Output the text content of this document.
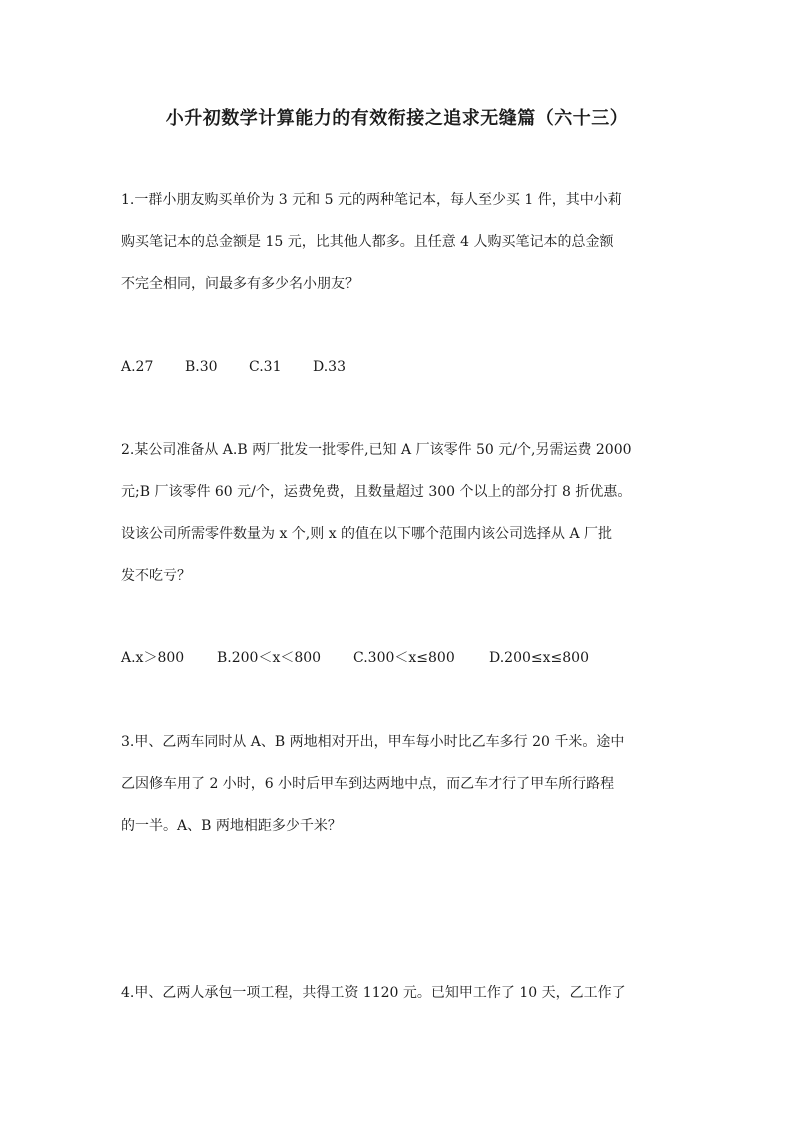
小升初数学计算能力的有效衔接之追求无缝篇（六十三）
1.一群小朋友购买单价为 3 元和 5 元的两种笔记本，每人至少买 1 件，其中小莉
购买笔记本的总金额是 15 元，比其他人都多。且任意 4 人购买笔记本的总金额
不完全相同，问最多有多少名小朋友？
A.27 B.30 C.31 D.33
2.某公司准备从 A.B 两厂批发一批零件,已知 A 厂该零件 50 元/个,另需运费 2000
元;B 厂该零件 60 元/个，运费免费，且数量超过 300 个以上的部分打 8 折优惠。
设该公司所需零件数量为 x 个,则 x 的值在以下哪个范围内该公司选择从 A 厂批
发不吃亏？
A.x＞800 B.200＜x＜800 C.300＜x≤800 D.200≤x≤800
3.甲、乙两车同时从 A、B 两地相对开出，甲车每小时比乙车多行 20 千米。途中
乙因修车用了 2 小时，6 小时后甲车到达两地中点，而乙车才行了甲车所行路程
的一半。A、B 两地相距多少千米？
4.甲、乙两人承包一项工程，共得工资 1120 元。已知甲工作了 10 天，乙工作了
